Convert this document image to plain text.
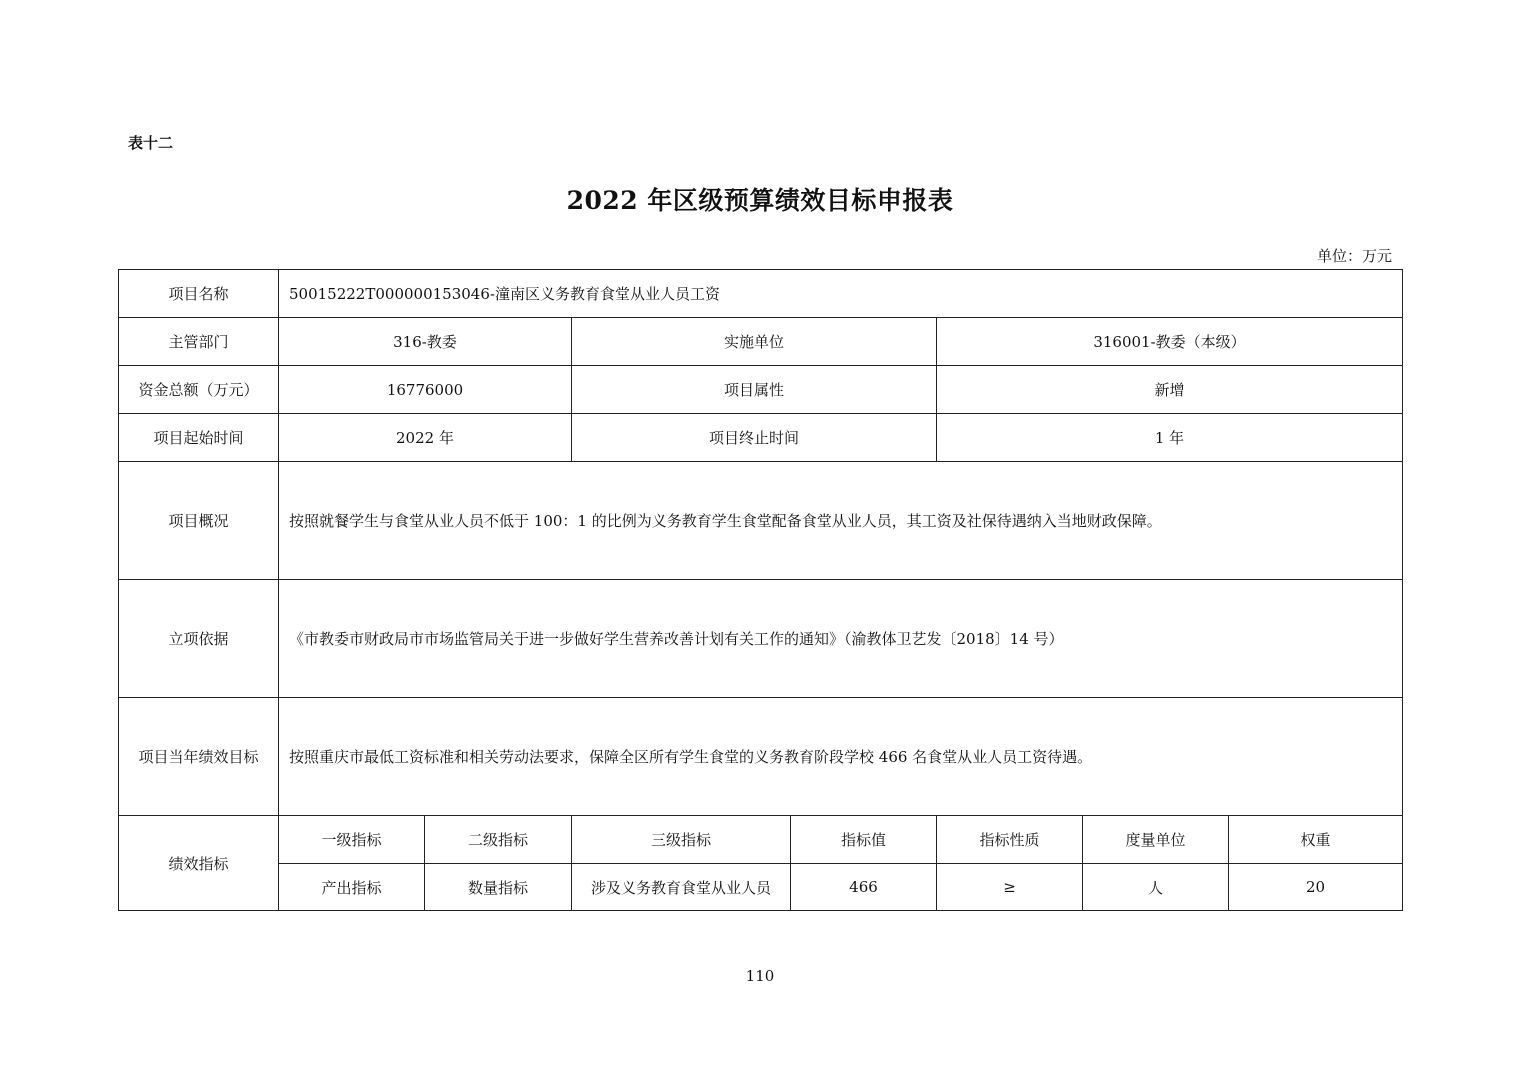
表十二
2022 年区级预算绩效目标申报表
单位：万元
项目名称	50015222T000000153046-潼南区义务教育食堂从业人员工资						
主管部门	316-教委		实施单位		316001-教委（本级）		
资金总额（万元）	16776000		项目属性		新增		
项目起始时间	2022 年		项目终止时间		1 年		
项目概况	按照就餐学生与食堂从业人员不低于 100：1 的比例为义务教育学生食堂配备食堂从业人员，其工资及社保待遇纳入当地财政保障。						
立项依据	《市教委市财政局市市场监管局关于进一步做好学生营养改善计划有关工作的通知》（渝教体卫艺发〔2018〕14 号）						
项目当年绩效目标	按照重庆市最低工资标准和相关劳动法要求，保障全区所有学生食堂的义务教育阶段学校 466 名食堂从业人员工资待遇。						
绩效指标	一级指标	二级指标	三级指标	指标值	指标性质	度量单位	权重
	产出指标	数量指标	涉及义务教育食堂从业人员	466	≥	人	20
110
